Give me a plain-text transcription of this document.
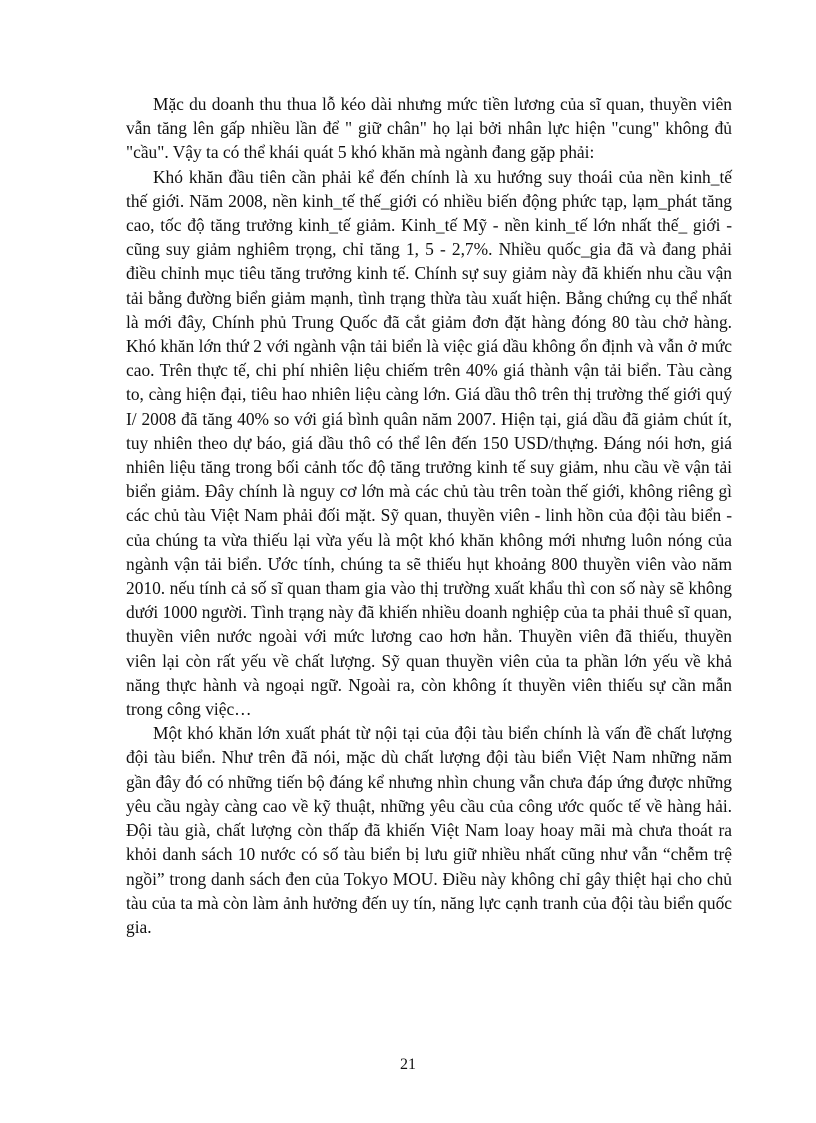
Mặc du doanh thu thua lỗ kéo dài nhưng mức tiền lương của sĩ quan, thuyền viên vẫn tăng lên gấp nhiều lần để " giữ chân" họ lại bởi nhân lực hiện "cung" không đủ "cầu". Vậy ta có thể khái quát 5 khó khăn mà ngành đang gặp phải:

Khó khăn đầu tiên cần phải kể đến chính là xu hướng suy thoái của nền kinh_tế thế giới. Năm 2008, nền kinh_tế thế_giới có nhiều biến động phức tạp, lạm_phát tăng cao, tốc độ tăng trưởng kinh_tế giảm. Kinh_tế Mỹ - nền kinh_tế lớn nhất thế_ giới - cũng suy giảm nghiêm trọng, chỉ tăng 1, 5 - 2,7%. Nhiều quốc_gia đã và đang phải điều chỉnh mục tiêu tăng trưởng kinh tế. Chính sự suy giảm này đã khiến nhu cầu vận tải bằng đường biển giảm mạnh, tình trạng thừa tàu xuất hiện. Bằng chứng cụ thể nhất là mới đây, Chính phủ Trung Quốc đã cắt giảm đơn đặt hàng đóng 80 tàu chở hàng. Khó khăn lớn thứ 2 với ngành vận tải biển là việc giá dầu không ổn định và vẫn ở mức cao. Trên thực tế, chi phí nhiên liệu chiếm trên 40% giá thành vận tải biển. Tàu càng to, càng hiện đại, tiêu hao nhiên liệu càng lớn. Giá dầu thô trên thị trường thế giới quý I/ 2008 đã tăng 40% so với giá bình quân năm 2007. Hiện tại, giá dầu đã giảm chút ít, tuy nhiên theo dự báo, giá dầu thô có thể lên đến 150 USD/thựng. Đáng nói hơn, giá nhiên liệu tăng trong bối cảnh tốc độ tăng trưởng kinh tế suy giảm, nhu cầu về vận tải biển giảm. Đây chính là nguy cơ lớn mà các chủ tàu trên toàn thế giới, không riêng gì các chủ tàu Việt Nam phải đối mặt. Sỹ quan, thuyền viên - linh hồn của đội tàu biển - của chúng ta vừa thiếu lại vừa yếu là một khó khăn không mới nhưng luôn nóng của ngành vận tải biển. Ước tính, chúng ta sẽ thiếu hụt khoảng 800 thuyền viên vào năm 2010. nếu tính cả số sĩ quan tham gia vào thị trường xuất khẩu thì con số này sẽ không dưới 1000 người. Tình trạng này đã khiến nhiều doanh nghiệp của ta phải thuê sĩ quan, thuyền viên nước ngoài với mức lương cao hơn hẳn. Thuyền viên đã thiếu, thuyền viên lại còn rất yếu về chất lượng. Sỹ quan thuyền viên của ta phần lớn yếu về khả năng thực hành và ngoại ngữ. Ngoài ra, còn không ít thuyền viên thiếu sự cần mẫn trong công việc…

Một khó khăn lớn xuất phát từ nội tại của đội tàu biển chính là vấn đề chất lượng đội tàu biển. Như trên đã nói, mặc dù chất lượng đội tàu biển Việt Nam những năm gần đây đó có những tiến bộ đáng kể nhưng nhìn chung vẫn chưa đáp ứng được những yêu cầu ngày càng cao về kỹ thuật, những yêu cầu của công ước quốc tế về hàng hải. Đội tàu già, chất lượng còn thấp đã khiến Việt Nam loay hoay mãi mà chưa thoát ra khỏi danh sách 10 nước có số tàu biển bị lưu giữ nhiều nhất cũng như vẫn “chễm trệ ngồi” trong danh sách đen của Tokyo MOU. Điều này không chỉ gây thiệt hại cho chủ tàu của ta mà còn làm ảnh hưởng đến uy tín, năng lực cạnh tranh của đội tàu biển quốc gia.

21
